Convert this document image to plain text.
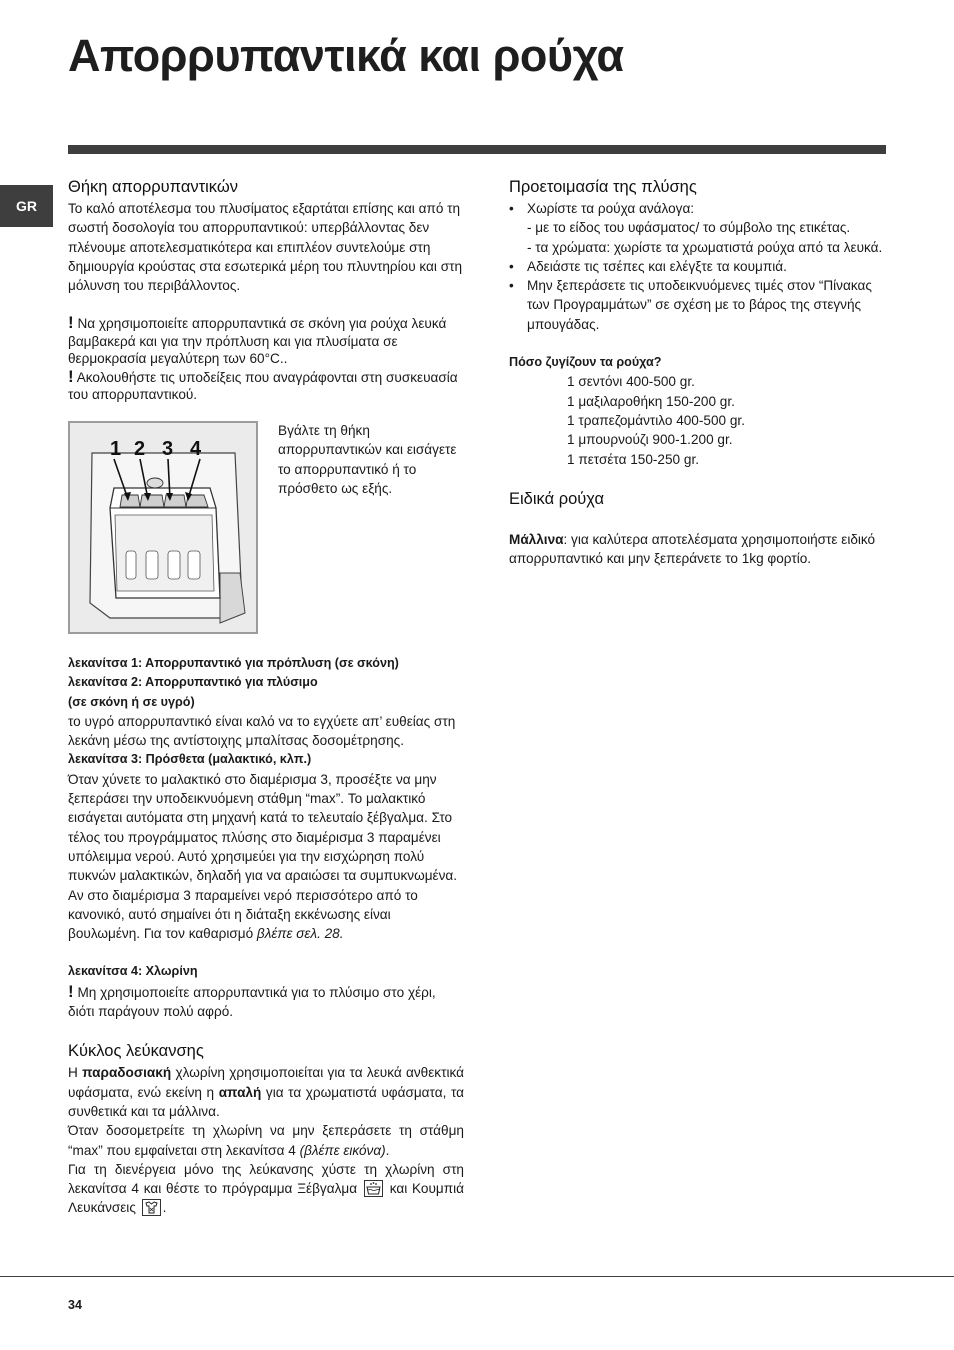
Απορρυπαντικά και ρούχα
GR
Θήκη απορρυπαντικών

Το καλό αποτέλεσμα του πλυσίματος εξαρτάται επίσης και από τη σωστή δοσολογία του απορρυπαντικού: υπερβάλλοντας δεν πλένουμε αποτελεσματικότερα και επιπλέον συντελούμε στη δημιουργία κρούστας στα εσωτερικά μέρη του πλυντηρίου και στη μόλυνση του περιβάλλοντος.

! Να χρησιμοποιείτε απορρυπαντικά σε σκόνη για ρούχα λευκά βαμβακερά και για την πρόπλυση και για πλυσίματα σε θερμοκρασία μεγαλύτερη των 60°C..

! Ακολουθήστε τις υποδείξεις που αναγράφονται στη συσκευασία του απορρυπαντικού.

1 2 3 4

Βγάλτε τη θήκη απορρυπαντικών και εισάγετε το απορρυπαντικό ή το πρόσθετο ως εξής.

λεκανίτσα 1: Απορρυπαντικό για πρόπλυση (σε σκόνη)

λεκανίτσα 2: Απορρυπαντικό για πλύσιμο

(σε σκόνη ή σε υγρό)

το υγρό απορρυπαντικό είναι καλό να το εγχύετε απ’ ευθείας στη λεκάνη μέσω της αντίστοιχης μπαλίτσας δοσομέτρησης.

λεκανίτσα 3: Πρόσθετα (μαλακτικό, κλπ.)

Όταν χύνετε το μαλακτικό στο διαμέρισμα 3, προσέξτε να μην ξεπεράσει την υποδεικνυόμενη στάθμη “max”. Το μαλακτικό εισάγεται αυτόματα στη μηχανή κατά το τελευταίο ξέβγαλμα. Στο τέλος του προγράμματος πλύσης στο διαμέρισμα 3 παραμένει υπόλειμμα νερού. Αυτό χρησιμεύει για την εισχώρηση πολύ πυκνών μαλακτικών, δηλαδή για να αραιώσει τα συμπυκνωμένα. Αν στο διαμέρισμα 3 παραμείνει νερό περισσότερο από το κανονικό, αυτό σημαίνει ότι η διάταξη εκκένωσης είναι βουλωμένη. Για τον καθαρισμό βλέπε σελ. 28.

λεκανίτσα 4: Χλωρίνη

! Μη χρησιμοποιείτε απορρυπαντικά για το πλύσιμο στο χέρι, διότι παράγουν πολύ αφρό.

Κύκλος λεύκανσης

Η παραδοσιακή χλωρίνη χρησιμοποιείται για τα λευκά ανθεκτικά υφάσματα, ενώ εκείνη η απαλή για τα χρωματιστά υφάσματα, τα συνθετικά και τα μάλλινα.

Όταν δοσομετρείτε τη χλωρίνη να μην ξεπεράσετε τη στάθμη “max” που εμφαίνεται στη λεκανίτσα 4 (βλέπε εικόνα).

Για τη διενέργεια μόνο της λεύκανσης χύστε τη χλωρίνη στη λεκανίτσα 4 και θέστε το πρόγραμμα Ξέβγαλμα και Κουμπιά Λευκάνσεις .

Προετοιμασία της πλύσης
• Χωρίστε τα ρούχα ανάλογα:
- με το είδος του υφάσματος/ το σύμβολο της ετικέτας.
- τα χρώματα: χωρίστε τα χρωματιστά ρούχα από τα λευκά.
• Αδειάστε τις τσέπες και ελέγξτε τα κουμπιά.
• Μην ξεπεράσετε τις υποδεικνυόμενες τιμές στον “Πίνακας των Προγραμμάτων” σε σχέση με το βάρος της στεγνής μπουγάδας.

Πόσο ζυγίζουν τα ρούχα?

1 σεντόνι 400-500 gr.

1 μαξιλαροθήκη 150-200 gr.

1 τραπεζομάντιλο 400-500 gr.

1 μπουρνούζι 900-1.200 gr.

1 πετσέτα 150-250 gr.

Ειδικά ρούχα

Μάλλινα: για καλύτερα αποτελέσματα χρησιμοποιήστε ειδικό απορρυπαντικό και μην ξεπεράνετε το 1kg φορτίο.

34
